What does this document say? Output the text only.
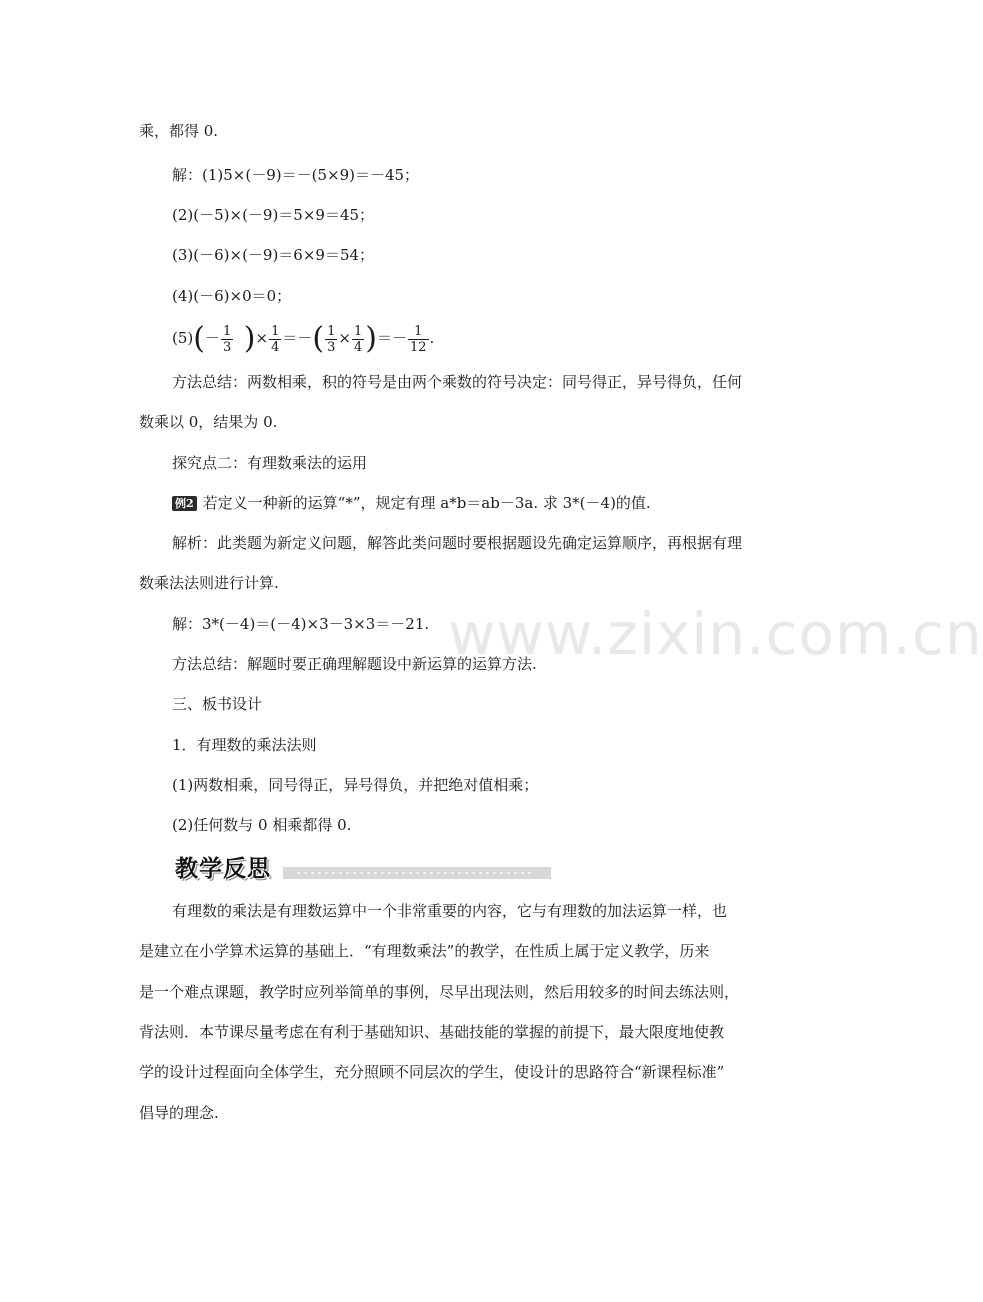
乘，都得 0.
解：(1)5×(－9)＝－(5×9)＝－45；
(2)(－5)×(－9)＝5×9＝45；
(3)(－6)×(－9)＝6×9＝54；
(4)(－6)×0＝0；
$(5)(- \frac{1}{3}$ )× $\frac{1}{4}$ ＝－( $\frac{1}{3} \times \frac{1}{4}$ )＝－ $\frac{1}{12}$ .
方法总结：两数相乘，积的符号是由两个乘数的符号决定：同号得正，异号得负，任何
数乘以 0，结果为 0.
探究点二：有理数乘法的运用
例2 若定义一种新的运算“*”，规定有理 a*b＝ab－3a. 求 3*(－4)的值.
解析：此类题为新定义问题，解答此类问题时要根据题设先确定运算顺序，再根据有理
数乘法法则进行计算.
解：3*(－4)＝(－4)×3－3×3＝－21.
方法总结：解题时要正确理解题设中新运算的运算方法.
三、板书设计
1．有理数的乘法法则
(1)两数相乘，同号得正，异号得负，并把绝对值相乘；
(2)任何数与 0 相乘都得 0.
教学反思
有理数的乘法是有理数运算中一个非常重要的内容，它与有理数的加法运算一样，也
是建立在小学算术运算的基础上．“有理数乘法”的教学，在性质上属于定义教学，历来
是一个难点课题，教学时应列举简单的事例，尽早出现法则，然后用较多的时间去练法则，
背法则．本节课尽量考虑在有利于基础知识、基础技能的掌握的前提下，最大限度地使教
学的设计过程面向全体学生，充分照顾不同层次的学生，使设计的思路符合“新课程标准”
倡导的理念.
www.zixin.com.cn
